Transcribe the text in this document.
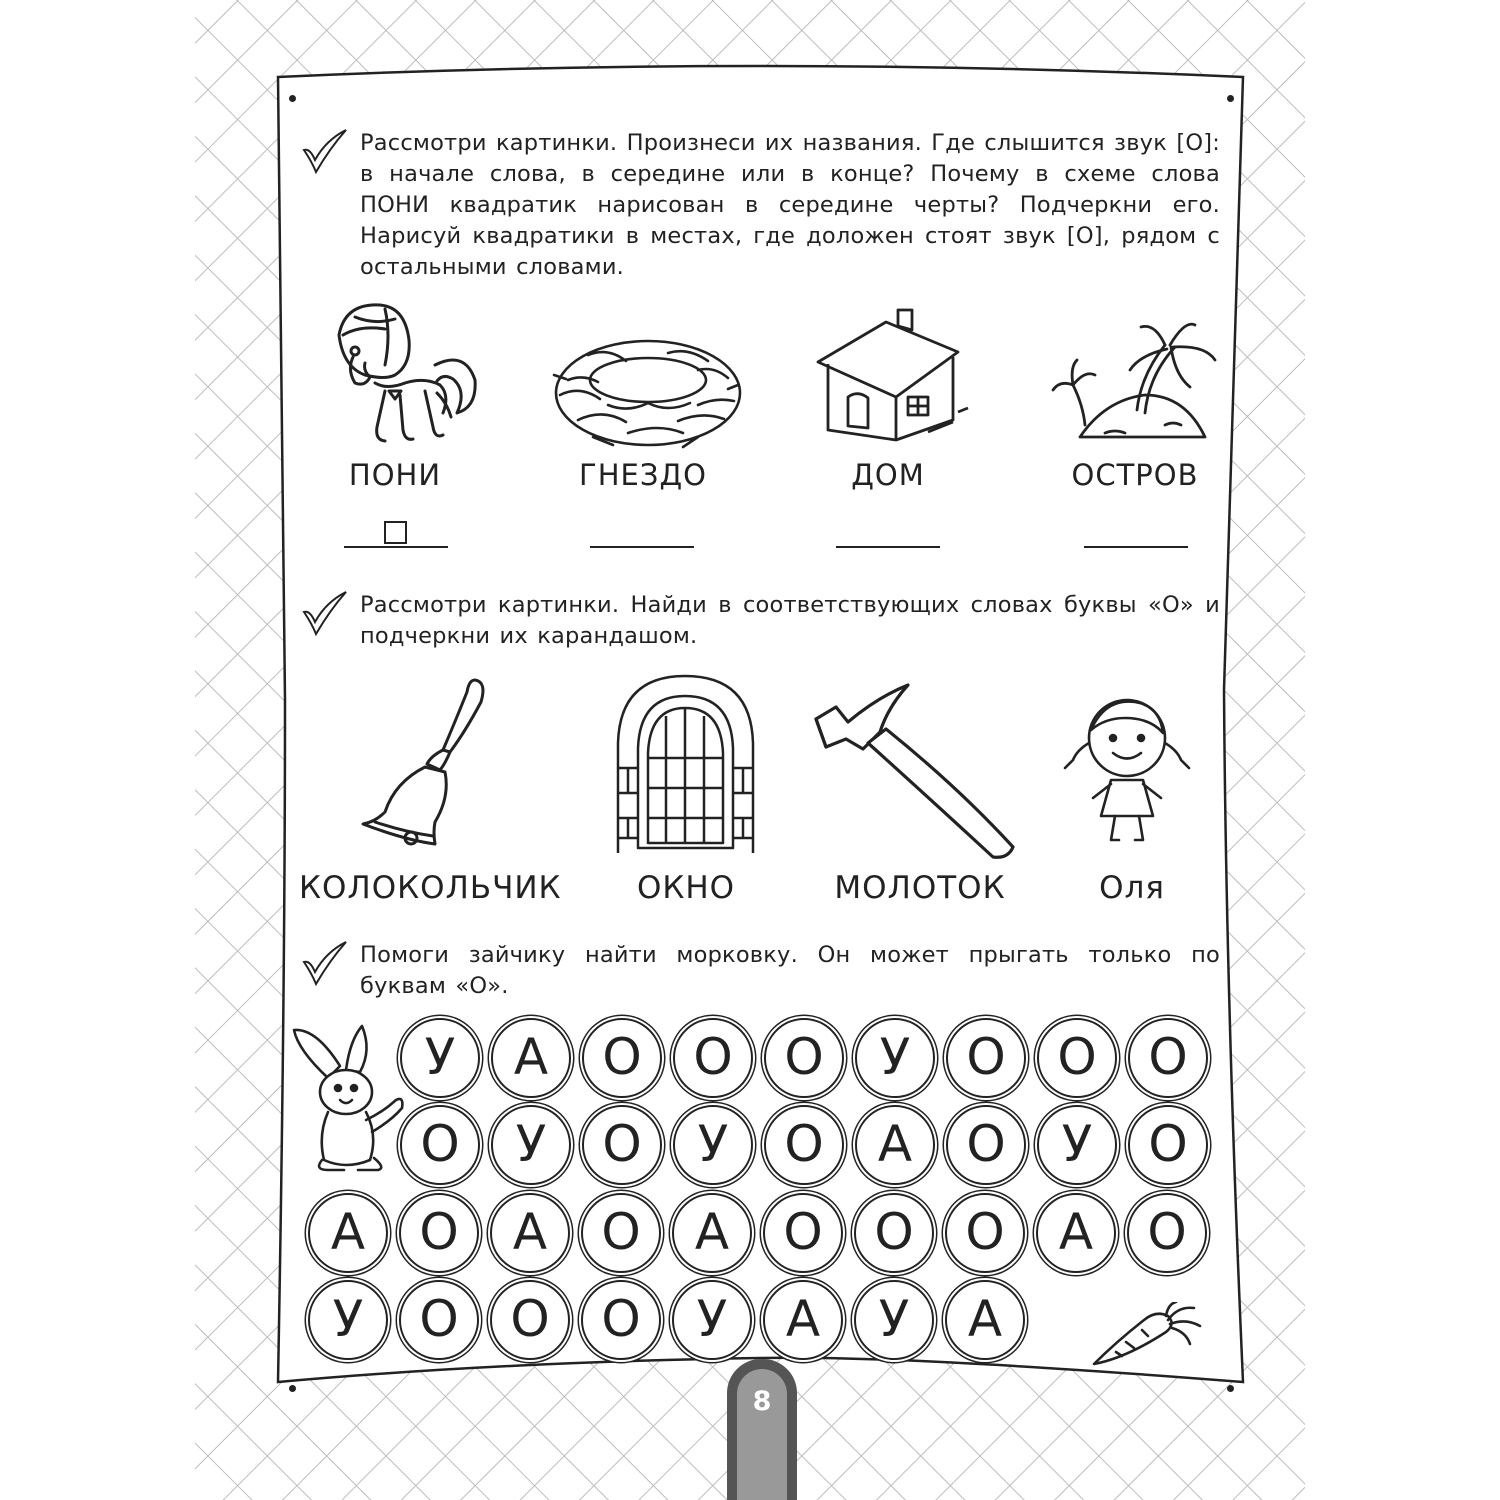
Рассмотри картинки. Произнеси их названия. Где слышится звук [О]: в начале слова, в середине или в конце? Почему в схеме слова ПОНИ квадратик нарисован в середине черты? Подчеркни его. Нарисуй квадратики в местах, где доложен стоят звук [О], рядом с остальными словами.
ПОНИ	ГНЕЗДО	ДОМ	ОСТРОВ
Рассмотри картинки. Найди в соответствующих словах буквы «О» и подчеркни их карандашом.
КОЛОКОЛЬЧИК	ОКНО	МОЛОТОК	Оля
Помоги зайчику найти морковку. Он может прыгать только по буквам «О».
У А О О О У О О О
О У О У О А О У О
А О А О А О О О А О
У О О О У А У А
8
